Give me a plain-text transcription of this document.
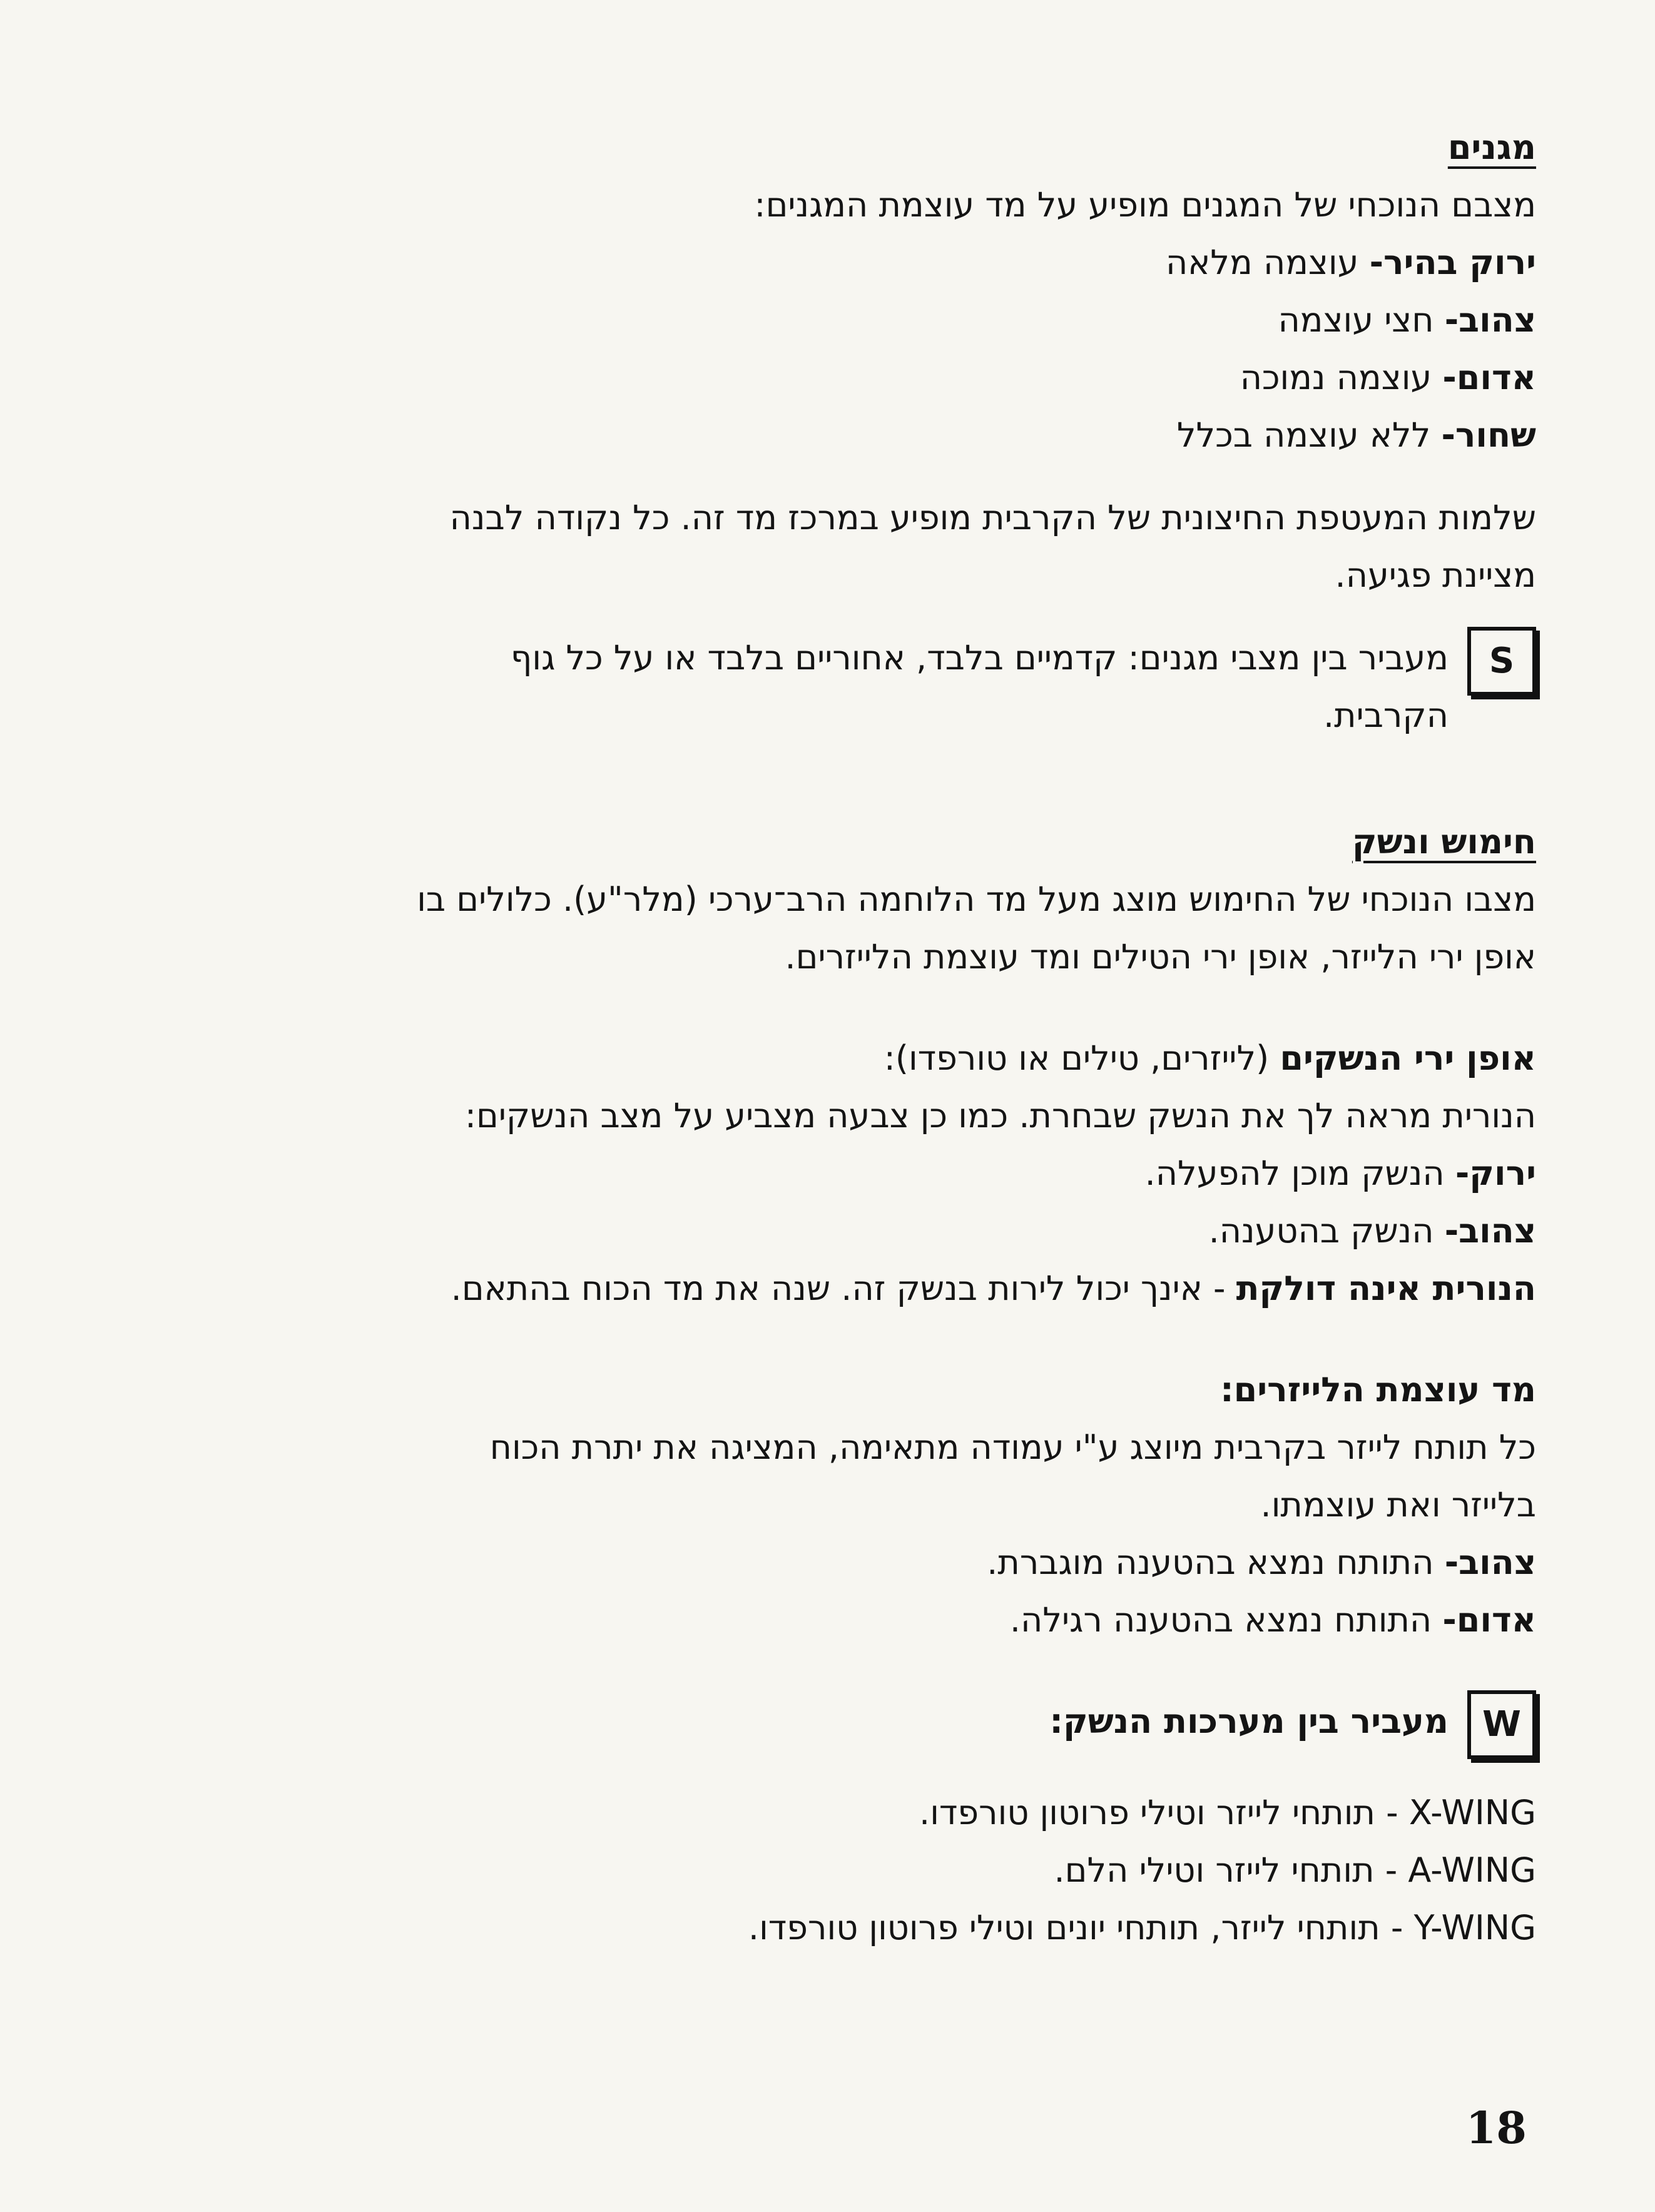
מגנים

מצבם הנוכחי של המגנים מופיע על מד עוצמת המגנים:

ירוק בהיר- עוצמה מלאה

צהוב- חצי עוצמה

אדום- עוצמה נמוכה

שחור- ללא עוצמה בכלל

שלמות המעטפת החיצונית של הקרבית מופיע במרכז מד זה. כל נקודה לבנה

מציינת פגיעה.

S

מעביר בין מצבי מגנים: קדמיים בלבד, אחוריים בלבד או על כל גוף

הקרבית.

חימוש ונשק

מצבו הנוכחי של החימוש מוצג מעל מד הלוחמה הרב־ערכי (מלר"ע). כלולים בו

אופן ירי הלייזר, אופן ירי הטילים ומד עוצמת הלייזרים.

אופן ירי הנשקים (לייזרים, טילים או טורפדו):

הנורית מראה לך את הנשק שבחרת. כמו כן צבעה מצביע על מצב הנשקים:

ירוק- הנשק מוכן להפעלה.

צהוב- הנשק בהטענה.

הנורית אינה דולקת - אינך יכול לירות בנשק זה. שנה את מד הכוח בהתאם.

מד עוצמת הלייזרים:

כל תותח לייזר בקרבית מיוצג ע"י עמודה מתאימה, המציגה את יתרת הכוח

בלייזר ואת עוצמתו.

צהוב- התותח נמצא בהטענה מוגברת.

אדום- התותח נמצא בהטענה רגילה.

W

מעביר בין מערכות הנשק:

X-WING - תותחי לייזר וטילי פרוטון טורפדו.

A-WING - תותחי לייזר וטילי הלם.

Y-WING - תותחי לייזר, תותחי יונים וטילי פרוטון טורפדו.

18
